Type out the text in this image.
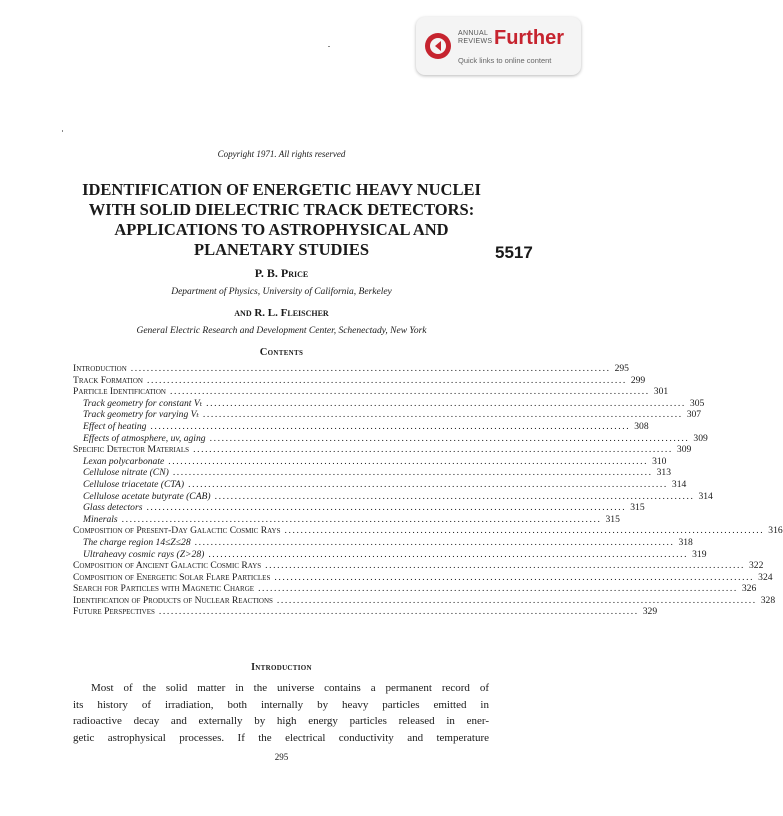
ANNUAL
REVIEWS Further
Quick links to online content
Copyright 1971. All rights reserved
IDENTIFICATION OF ENERGETIC HEAVY NUCLEI
WITH SOLID DIELECTRIC TRACK DETECTORS:
APPLICATIONS TO ASTROPHYSICAL AND
PLANETARY STUDIES	5517
P. B. Price
Department of Physics, University of California, Berkeley
and R. L. Fleischer
General Electric Research and Development Center, Schenectady, New York
Contents
Introduction ........................................................................................................................ 295
Track Formation ........................................................................................................................ 299
Particle Identification ........................................................................................................................ 301
Track geometry for constant Vₜ ........................................................................................................................ 305
Track geometry for varying Vₜ ........................................................................................................................ 307
Effect of heating ........................................................................................................................ 308
Effects of atmosphere, uv, aging ........................................................................................................................ 309
Specific Detector Materials ........................................................................................................................ 309
Lexan polycarbonate ........................................................................................................................ 310
Cellulose nitrate (CN) ........................................................................................................................ 313
Cellulose triacetate (CTA) ........................................................................................................................ 314
Cellulose acetate butyrate (CAB) ........................................................................................................................ 314
Glass detectors ........................................................................................................................ 315
Minerals ........................................................................................................................ 315
Composition of Present-Day Galactic Cosmic Rays ........................................................................................................................ 316
The charge region 14≤Z≤28 ........................................................................................................................ 318
Ultraheavy cosmic rays (Z>28) ........................................................................................................................ 319
Composition of Ancient Galactic Cosmic Rays ........................................................................................................................ 322
Composition of Energetic Solar Flare Particles ........................................................................................................................ 324
Search for Particles with Magnetic Charge ........................................................................................................................ 326
Identification of Products of Nuclear Reactions ........................................................................................................................ 328
Future Perspectives ........................................................................................................................ 329
Introduction
Most of the solid matter in the universe contains a permanent record of
its history of irradiation, both internally by heavy particles emitted in
radioactive decay and externally by high energy particles released in ener-
getic astrophysical processes. If the electrical conductivity and temperature
295
